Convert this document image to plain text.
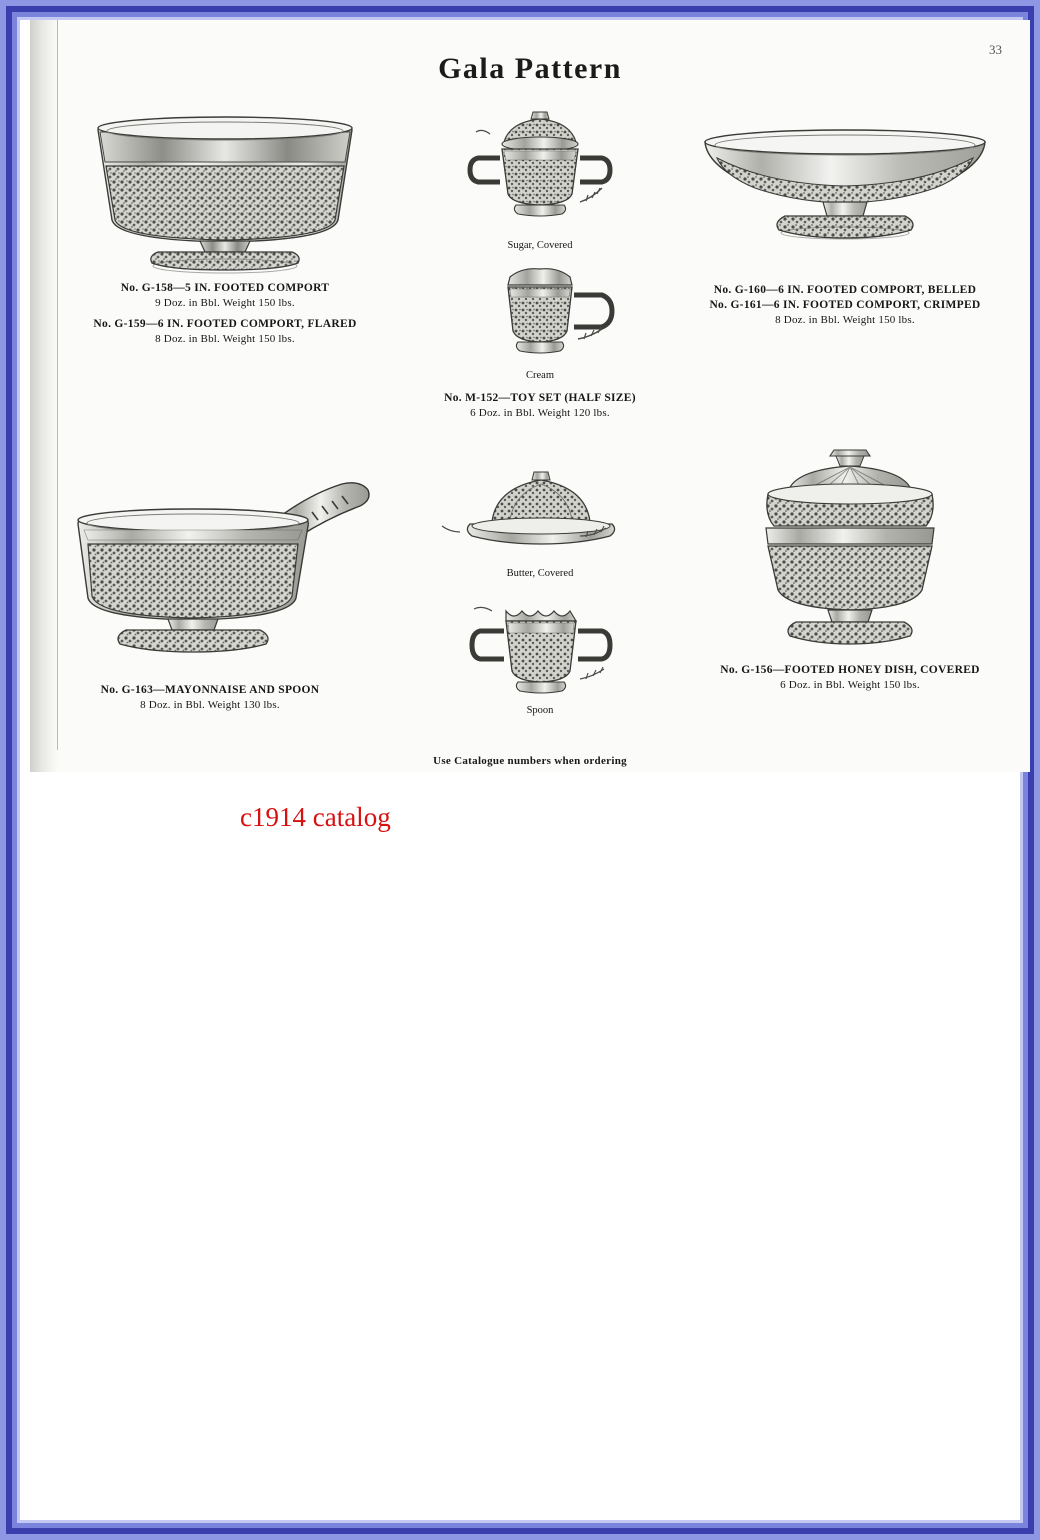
33
Gala Pattern
No. G-158—5 IN. FOOTED COMPORT
9 Doz. in Bbl. Weight 150 lbs.
No. G-159—6 IN. FOOTED COMPORT, FLARED
8 Doz. in Bbl. Weight 150 lbs.
Sugar, Covered
Cream
No. M-152—TOY SET (HALF SIZE)
6 Doz. in Bbl. Weight 120 lbs.
No. G-160—6 IN. FOOTED COMPORT, BELLED
No. G-161—6 IN. FOOTED COMPORT, CRIMPED
8 Doz. in Bbl. Weight 150 lbs.
No. G-163—MAYONNAISE AND SPOON
8 Doz. in Bbl. Weight 130 lbs.
Butter, Covered
Spoon
No. G-156—FOOTED HONEY DISH, COVERED
6 Doz. in Bbl. Weight 150 lbs.
Use Catalogue numbers when ordering
c1914 catalog
